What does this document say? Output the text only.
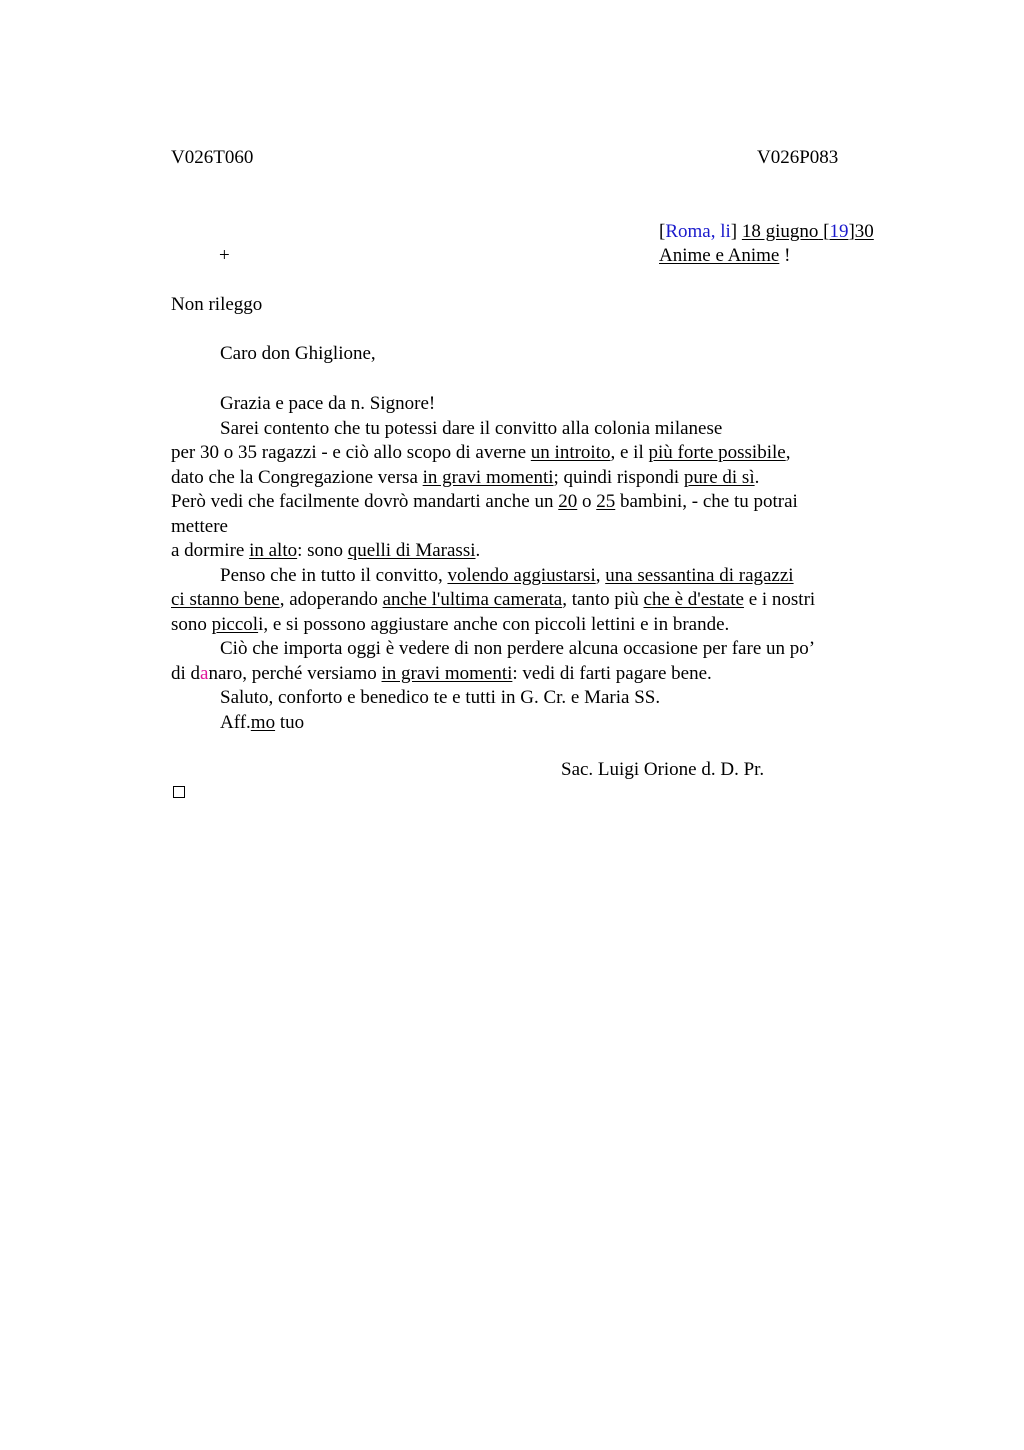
V026T060	V026P083
[Roma, li] 18 giugno [19]30
+	Anime e Anime !
Non rileggo
Caro don Ghiglione,

Grazia e pace da n. Signore!

Sarei contento che tu potessi dare il convitto alla colonia milanese
per 30 o 35 ragazzi - e ciò allo scopo di averne un introito, e il più forte possibile,
dato che la Congregazione versa in gravi momenti; quindi rispondi pure di sì.
Però vedi che facilmente dovrò mandarti anche un 20 o 25 bambini, - che tu potrai
mettere
a dormire in alto: sono quelli di Marassi.

Penso che in tutto il convitto, volendo aggiustarsi, una sessantina di ragazzi
ci stanno bene, adoperando anche l'ultima camerata, tanto più che è d'estate e i nostri
sono piccoli, e si possono aggiustare anche con piccoli lettini e in brande.

Ciò che importa oggi è vedere di non perdere alcuna occasione per fare un po’
di danaro, perché versiamo in gravi momenti: vedi di farti pagare bene.

Saluto, conforto e benedico te e tutti in G. Cr. e Maria SS.

Aff.mo tuo

Sac. Luigi Orione d. D. Pr.
